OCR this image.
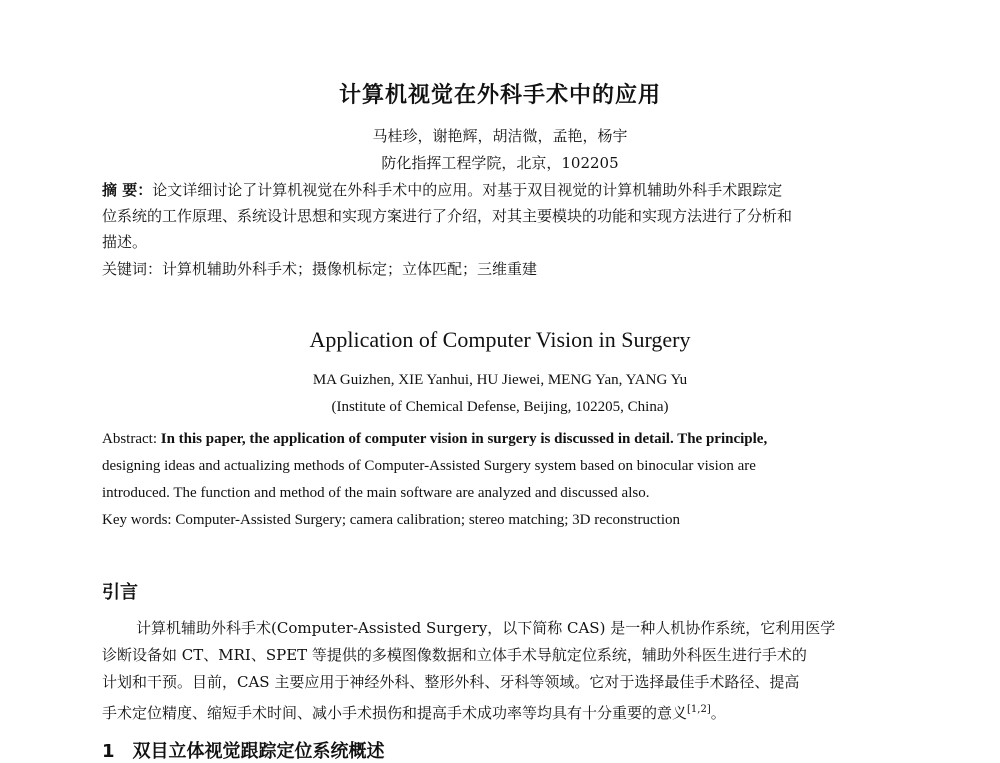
计算机视觉在外科手术中的应用
马桂珍，谢艳辉，胡洁微，孟艳，杨宇
防化指挥工程学院，北京，102205
摘 要：论文详细讨论了计算机视觉在外科手术中的应用。对基于双目视觉的计算机辅助外科手术跟踪定
位系统的工作原理、系统设计思想和实现方案进行了介绍，对其主要模块的功能和实现方法进行了分析和
描述。
关键词：计算机辅助外科手术；摄像机标定；立体匹配；三维重建
Application of Computer Vision in Surgery
MA Guizhen, XIE Yanhui, HU Jiewei, MENG Yan, YANG Yu
(Institute of Chemical Defense, Beijing, 102205, China)
Abstract: In this paper, the application of computer vision in surgery is discussed in detail. The principle,
designing ideas and actualizing methods of Computer-Assisted Surgery system based on binocular vision are
introduced. The function and method of the main software are analyzed and discussed also.
Key words: Computer-Assisted Surgery; camera calibration; stereo matching; 3D reconstruction
引言
计算机辅助外科手术(Computer-Assisted Surgery，以下简称 CAS) 是一种人机协作系统，它利用医学
诊断设备如 CT、MRI、SPET 等提供的多模图像数据和立体手术导航定位系统，辅助外科医生进行手术的
计划和干预。目前，CAS 主要应用于神经外科、整形外科、牙科等领域。它对于选择最佳手术路径、提高
手术定位精度、缩短手术时间、减小手术损伤和提高手术成功率等均具有十分重要的意义[1,2]。
1 双目立体视觉跟踪定位系统概述
